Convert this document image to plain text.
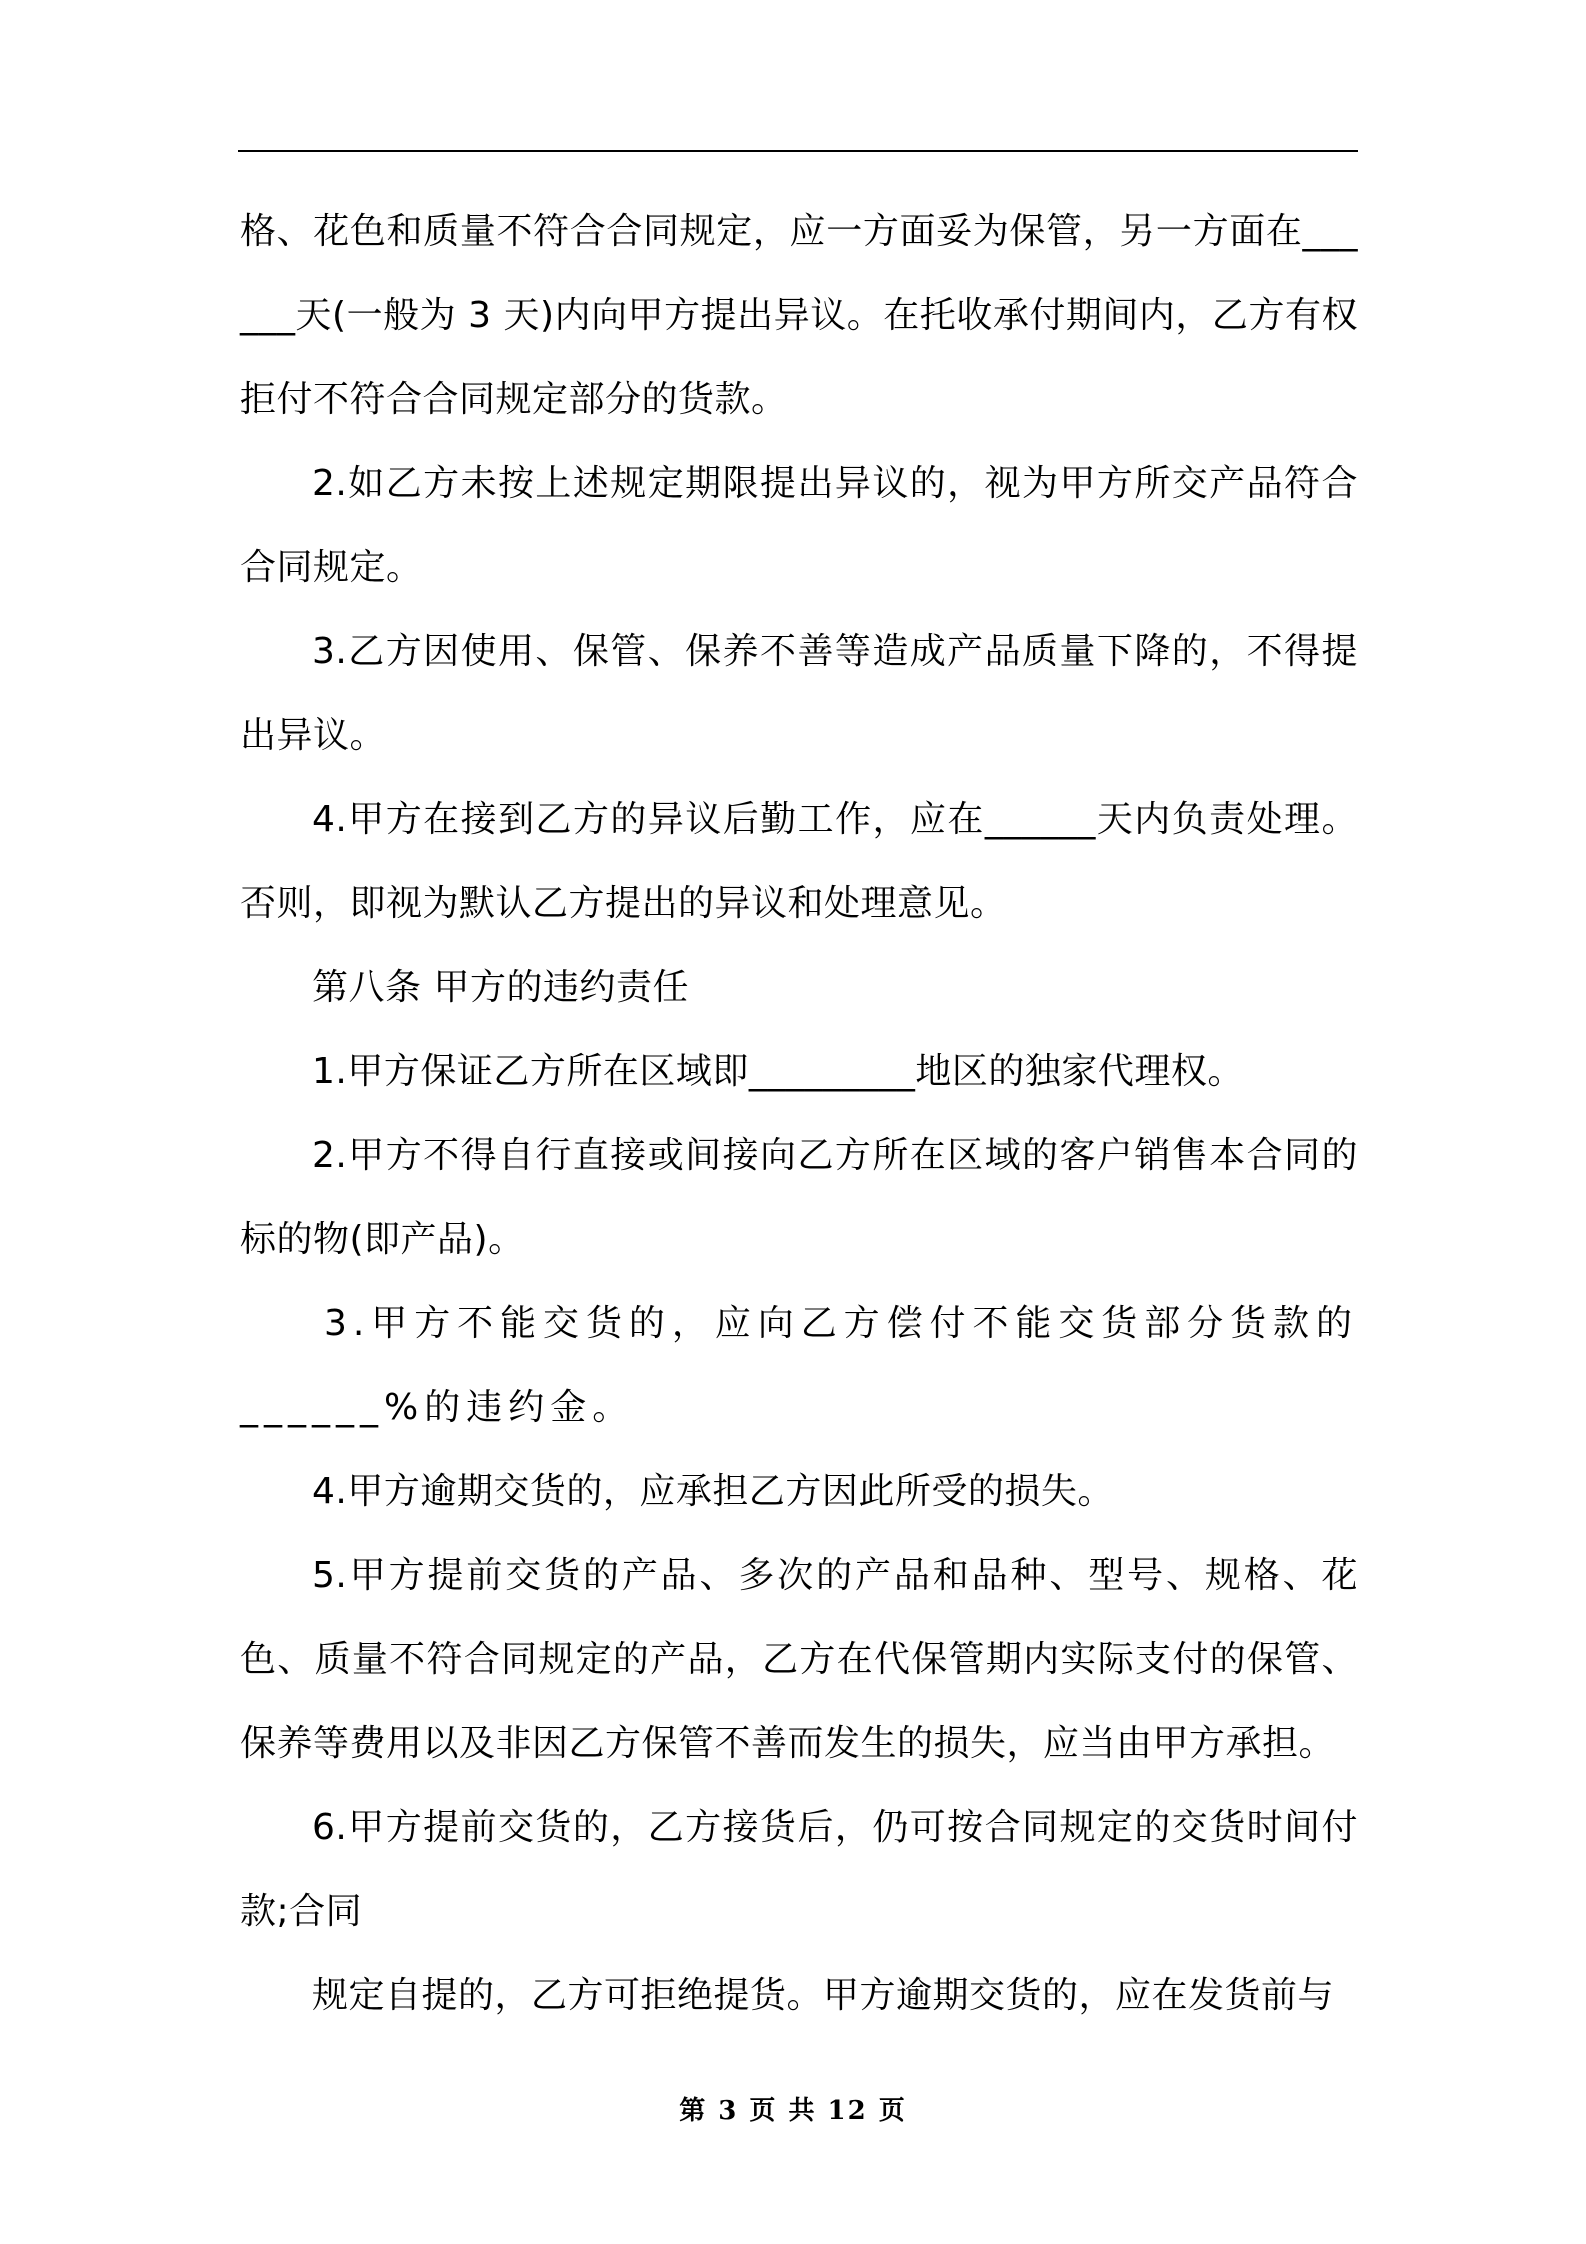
格、花色和质量不符合合同规定，应一方面妥为保管，另一方面在______天(一般为 3 天)内向甲方提出异议。在托收承付期间内，乙方有权拒付不符合合同规定部分的货款。

2.如乙方未按上述规定期限提出异议的，视为甲方所交产品符合合同规定。

3.乙方因使用、保管、保养不善等造成产品质量下降的，不得提出异议。

4.甲方在接到乙方的异议后勤工作，应在______天内负责处理。否则，即视为默认乙方提出的异议和处理意见。

第八条 甲方的违约责任

1.甲方保证乙方所在区域即_________地区的独家代理权。

2.甲方不得自行直接或间接向乙方所在区域的客户销售本合同的标的物(即产品)。

3.甲方不能交货的，应向乙方偿付不能交货部分货款的______%的违约金。

4.甲方逾期交货的，应承担乙方因此所受的损失。

5.甲方提前交货的产品、多次的产品和品种、型号、规格、花色、质量不符合同规定的产品，乙方在代保管期内实际支付的保管、保养等费用以及非因乙方保管不善而发生的损失，应当由甲方承担。

6.甲方提前交货的，乙方接货后，仍可按合同规定的交货时间付款;合同

规定自提的，乙方可拒绝提货。甲方逾期交货的，应在发货前与

第 3 页 共 12 页
